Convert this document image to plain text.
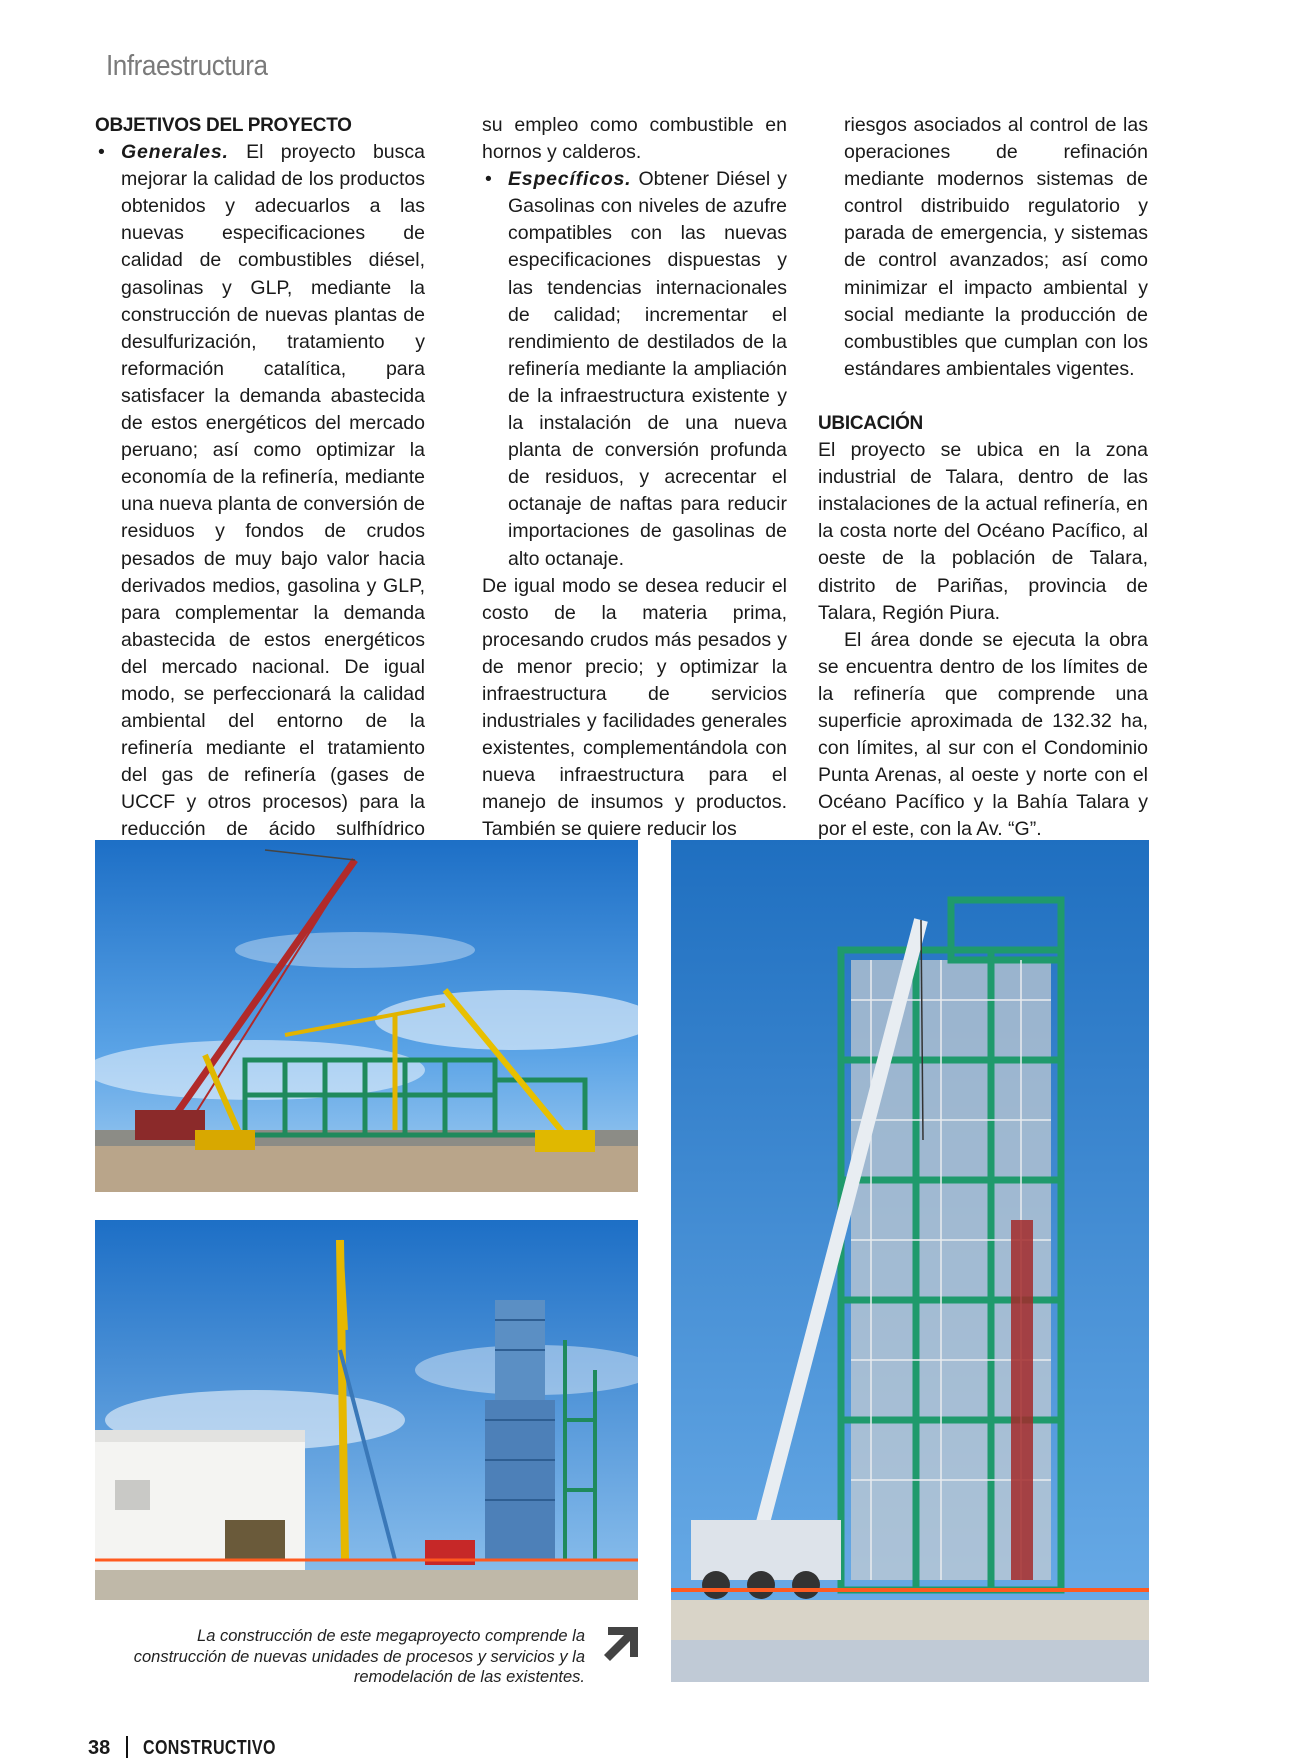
Infraestructura

OBJETIVOS DEL PROYECTO

• Generales. El proyecto busca mejorar la calidad de los productos obtenidos y adecuarlos a las nuevas especificaciones de calidad de combustibles diésel, gasolinas y GLP, mediante la construcción de nuevas plantas de desulfurización, tratamiento y reformación catalítica, para satisfacer la demanda abastecida de estos energéticos del mercado peruano; así como optimizar la economía de la refinería, mediante una nueva planta de conversión de residuos y fondos de crudos pesados de muy bajo valor hacia derivados medios, gasolina y GLP, para complementar la demanda abastecida de estos energéticos del mercado nacional. De igual modo, se perfeccionará la calidad ambiental del entorno de la refinería mediante el tratamiento del gas de refinería (gases de UCCF y otros procesos) para la reducción de ácido sulfhídrico

su empleo como combustible en hornos y calderos.

• Específicos. Obtener Diésel y Gasolinas con niveles de azufre compatibles con las nuevas especificaciones dispuestas y las tendencias internacionales de calidad; incrementar el rendimiento de destilados de la refinería mediante la ampliación de la infraestructura existente y la instalación de una nueva planta de conversión profunda de residuos, y acrecentar el octanaje de naftas para reducir importaciones de gasolinas de alto octanaje.

De igual modo se desea reducir el costo de la materia prima, procesando crudos más pesados y de menor precio; y optimizar la infraestructura de servicios industriales y facilidades generales existentes, complementándola con nueva infraestructura para el manejo de insumos y productos. También se quiere reducir los

riesgos asociados al control de las operaciones de refinación mediante modernos sistemas de control distribuido regulatorio y parada de emergencia, y sistemas de control avanzados; así como minimizar el impacto ambiental y social mediante la producción de combustibles que cumplan con los estándares ambientales vigentes.

UBICACIÓN

El proyecto se ubica en la zona industrial de Talara, dentro de las instalaciones de la actual refinería, en la costa norte del Océano Pacífico, al oeste de la población de Talara, distrito de Pariñas, provincia de Talara, Región Piura.

El área donde se ejecuta la obra se encuentra dentro de los límites de la refinería que comprende una superficie aproximada de 132.32 ha, con límites, al sur con el Condominio Punta Arenas, al oeste y norte con el Océano Pacífico y la Bahía Talara y por el este, con la Av. “G”.

La construcción de este megaproyecto comprende la construcción de nuevas unidades de procesos y servicios y la remodelación de las existentes.
38 CONSTRUCTIVO
